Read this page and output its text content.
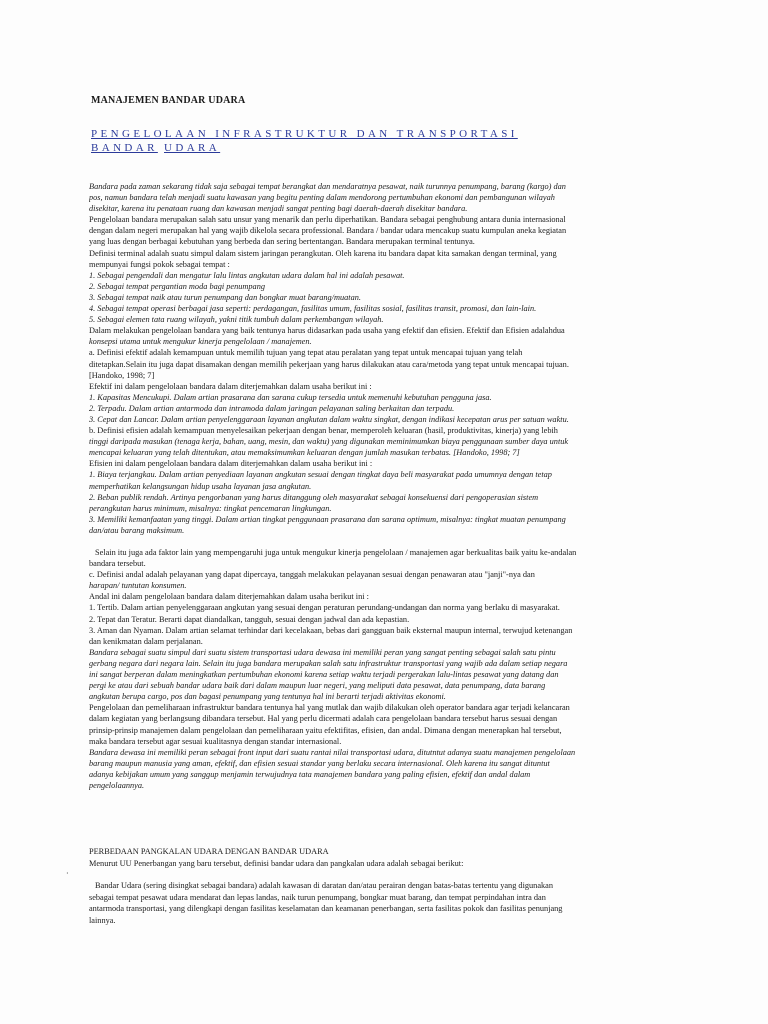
MANAJEMEN BANDAR UDARA
PENGELOLAAN INFRASTRUKTUR DAN TRANSPORTASI
BANDAR UDARA
Bandara pada zaman sekarang tidak saja sebagai tempat berangkat dan mendaratnya pesawat, naik turunnya penumpang, barang (kargo) dan
pos, namun bandara telah menjadi suatu kawasan yang begitu penting dalam mendorong pertumbuhan ekonomi dan pembangunan wilayah
disekitar, karena itu penataan ruang dan kawasan menjadi sangat penting bagi daerah-daerah disekitar bandara.
Pengelolaan bandara merupakan salah satu unsur yang menarik dan perlu diperhatikan. Bandara sebagai penghubung antara dunia internasional
dengan dalam negeri merupakan hal yang wajib dikelola secara professional. Bandara / bandar udara mencakup suatu kumpulan aneka kegiatan
yang luas dengan berbagai kebutuhan yang berbeda dan sering bertentangan. Bandara merupakan terminal tentunya.
Definisi terminal adalah suatu simpul dalam sistem jaringan perangkutan. Oleh karena itu bandara dapat kita samakan dengan terminal, yang
mempunyai fungsi pokok sebagai tempat :
1. Sebagai pengendali dan mengatur lalu lintas angkutan udara dalam hal ini adalah pesawat.
2. Sebagai tempat pergantian moda bagi penumpang
3. Sebagai tempat naik atau turun penumpang dan bongkar muat barang/muatan.
4. Sebagai tempat operasi berbagai jasa seperti: perdagangan, fasilitas umum, fasilitas sosial, fasilitas transit, promosi, dan lain-lain.
5. Sebagai elemen tata ruang wilayah, yakni titik tumbuh dalam perkembangan wilayah.
Dalam melakukan pengelolaan bandara yang baik tentunya harus didasarkan pada usaha yang efektif dan efisien. Efektif dan Efisien adalahdua
konsepsi utama untuk mengukur kinerja pengelolaan / manajemen.
a. Definisi efektif adalah kemampuan untuk memilih tujuan yang tepat atau peralatan yang tepat untuk mencapai tujuan yang telah
ditetapkan.Selain itu juga dapat disamakan dengan memilih pekerjaan yang harus dilakukan atau cara/metoda yang tepat untuk mencapai tujuan.
[Handoko, 1998; 7]
Efektif ini dalam pengelolaan bandara dalam diterjemahkan dalam usaha berikut ini :
1. Kapasitas Mencukupi. Dalam artian prasarana dan sarana cukup tersedia untuk memenuhi kebutuhan pengguna jasa.
2. Terpadu. Dalam artian antarmoda dan intramoda dalam jaringan pelayanan saling berkaitan dan terpadu.
3. Cepat dan Lancar. Dalam artian penyelenggaraan layanan angkutan dalam waktu singkat, dengan indikasi kecepatan arus per satuan waktu.
b. Definisi efisien adalah kemampuan menyelesaikan pekerjaan dengan benar, memperoleh keluaran (hasil, produktivitas, kinerja) yang lebih
tinggi daripada masukan (tenaga kerja, bahan, uang, mesin, dan waktu) yang digunakan meminimumkan biaya penggunaan sumber daya untuk
mencapai keluaran yang telah ditentukan, atau memaksimumkan keluaran dengan jumlah masukan terbatas. [Handoko, 1998; 7]
Efisien ini dalam pengelolaan bandara dalam diterjemahkan dalam usaha berikut ini :
1. Biaya terjangkau. Dalam artian penyediaan layanan angkutan sesuai dengan tingkat daya beli masyarakat pada umumnya dengan tetap
memperhatikan kelangsungan hidup usaha layanan jasa angkutan.
2. Beban publik rendah. Artinya pengorbanan yang harus ditanggung oleh masyarakat sebagai konsekuensi dari pengoperasian sistem
perangkutan harus minimum, misalnya: tingkat pencemaran lingkungan.
3. Memiliki kemanfaatan yang tinggi. Dalam artian tingkat penggunaan prasarana dan sarana optimum, misalnya: tingkat muatan penumpang
dan/atau barang maksimum.
Selain itu juga ada faktor lain yang mempengaruhi juga untuk mengukur kinerja pengelolaan / manajemen agar berkualitas baik yaitu ke-andalan
bandara tersebut.
c. Definisi andal adalah pelayanan yang dapat dipercaya, tanggah melakukan pelayanan sesuai dengan penawaran atau "janji"-nya dan
harapan/ tuntutan konsumen.
Andal ini dalam pengelolaan bandara dalam diterjemahkan dalam usaha berikut ini :
1. Tertib. Dalam artian penyelenggaraan angkutan yang sesuai dengan peraturan perundang-undangan dan norma yang berlaku di masyarakat.
2. Tepat dan Teratur. Berarti dapat diandalkan, tangguh, sesuai dengan jadwal dan ada kepastian.
3. Aman dan Nyaman. Dalam artian selamat terhindar dari kecelakaan, bebas dari gangguan baik eksternal maupun internal, terwujud ketenangan
dan kenikmatan dalam perjalanan.
Bandara sebagai suatu simpul dari suatu sistem transportasi udara dewasa ini memiliki peran yang sangat penting sebagai salah satu pintu
gerbang negara dari negara lain. Selain itu juga bandara merupakan salah satu infrastruktur transportasi yang wajib ada dalam setiap negara
ini sangat berperan dalam meningkatkan pertumbuhan ekonomi karena setiap waktu terjadi pergerakan lalu-lintas pesawat yang datang dan
pergi ke atau dari sebuah bandar udara baik dari dalam maupun luar negeri, yang meliputi data pesawat, data penumpang, data barang
angkutan berupa cargo, pos dan bagasi penumpang yang tentunya hal ini berarti terjadi aktivitas ekonomi.
Pengelolaan dan pemeliharaan infrastruktur bandara tentunya hal yang mutlak dan wajib dilakukan oleh operator bandara agar terjadi kelancaran
dalam kegiatan yang berlangsung dibandara tersebut. Hal yang perlu dicermati adalah cara pengelolaan bandara tersebut harus sesuai dengan
prinsip-prinsip manajemen dalam pengelolaan dan pemeliharaan yaitu efektifitas, efisien, dan andal. Dimana dengan menerapkan hal tersebut,
maka bandara tersebut agar sesuai kualitasnya dengan standar internasional.
Bandara dewasa ini memiliki peran sebagai front input dari suatu rantai nilai transportasi udara, ditutntut adanya suatu manajemen pengelolaan
barang maupun manusia yang aman, efektif, dan efisien sesuai standar yang berlaku secara internasional. Oleh karena itu sangat dituntut
adanya kebijakan umum yang sanggup menjamin terwujudnya tata manajemen bandara yang paling efisien, efektif dan andal dalam
pengelolaannya.
PERBEDAAN PANGKALAN UDARA DENGAN BANDAR UDARA
Menurut UU Penerbangan yang baru tersebut, definisi bandar udara dan pangkalan udara adalah sebagai berikut:
Bandar Udara (sering disingkat sebagai bandara) adalah kawasan di daratan dan/atau perairan dengan batas-batas tertentu yang digunakan
sebagai tempat pesawat udara mendarat dan lepas landas, naik turun penumpang, bongkar muat barang, dan tempat perpindahan intra dan
antarmoda transportasi, yang dilengkapi dengan fasilitas keselamatan dan keamanan penerbangan, serta fasilitas pokok dan fasilitas penunjang
lainnya.
·
